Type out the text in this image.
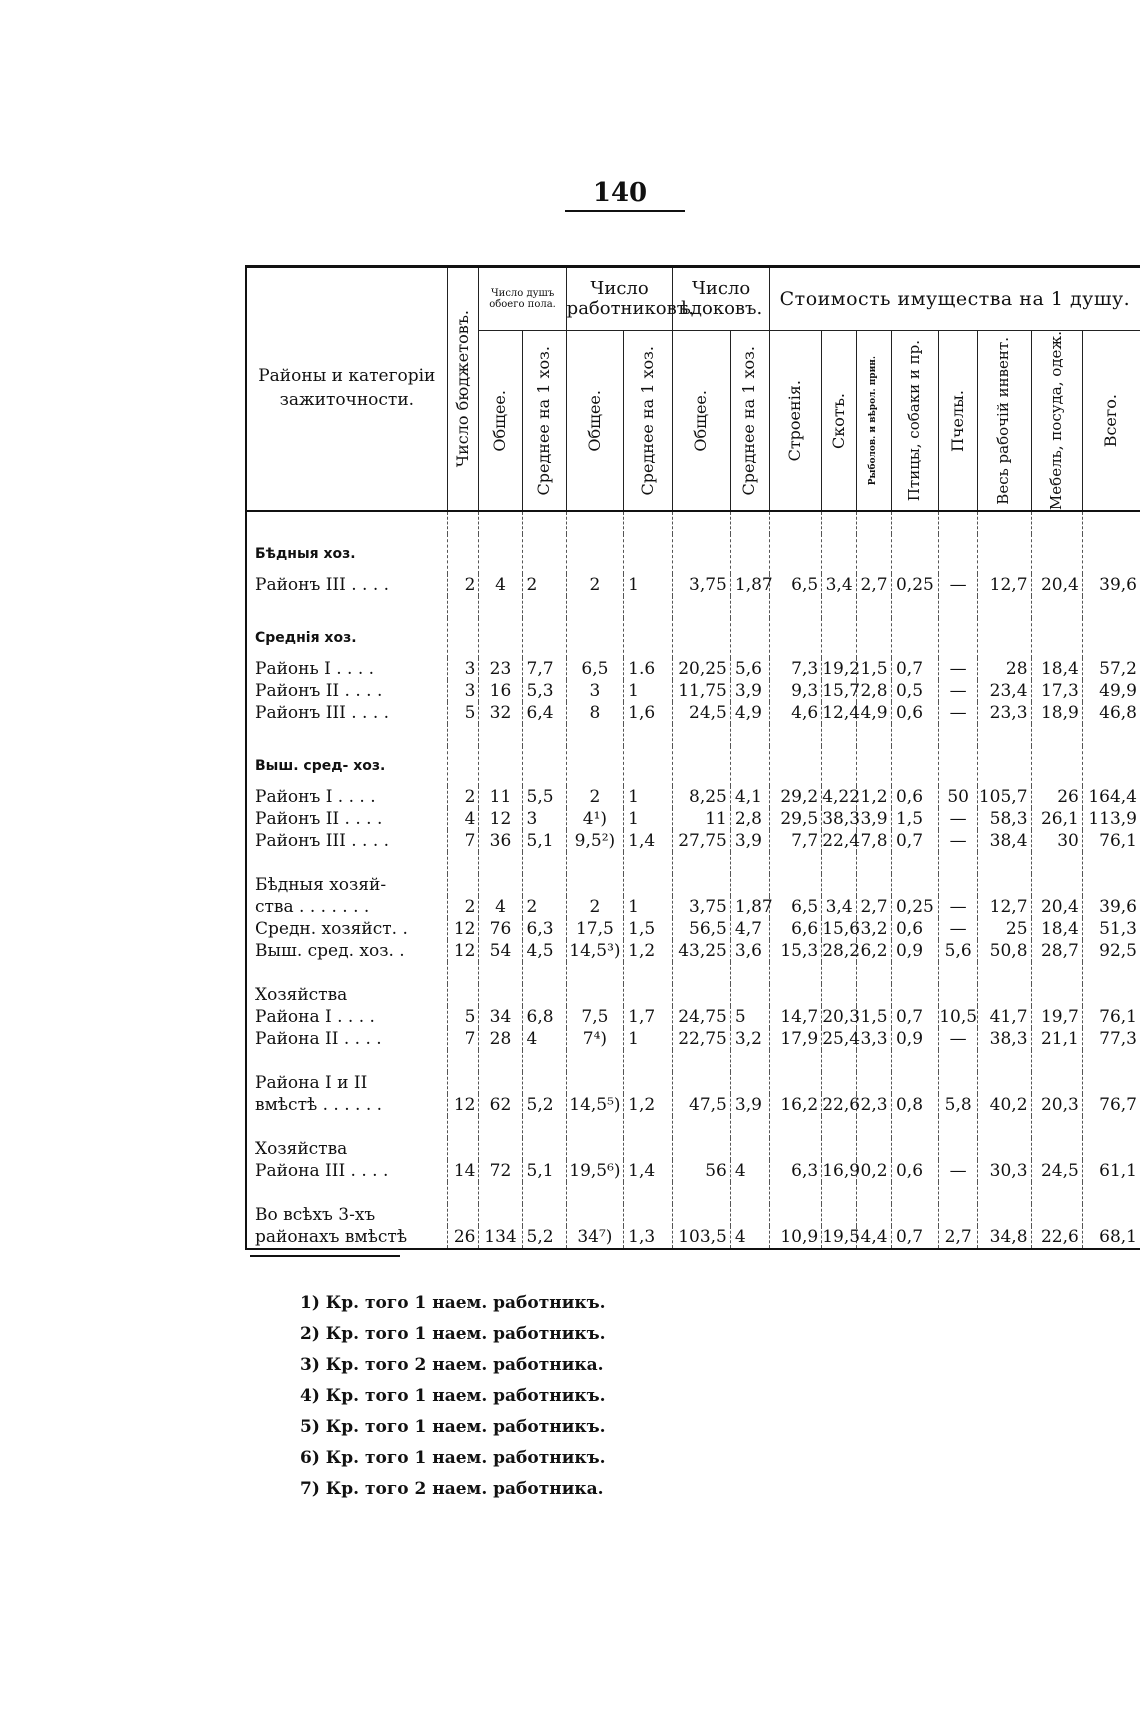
140
Районы и категоріи зажиточности.	Число бюджетовъ.	Число душъ обоего пола.		Число работниковъ.		Число ѣдоковъ.		Стоимость имущества на 1 душу.							

		Общее.	Среднее на 1 хоз.	Общее.	Среднее на 1 хоз.	Общее.	Среднее на 1 хоз.	Строенія.	Скотъ.	Рыболов. и вѣрол. прин.	Птицы, собаки и пр.	Пчелы.	Весь рабочій инвент.	Мебель, посуда, одеж.	Всего.

Бѣдныя хоз.															
Районъ III . . . .	2	4	2	2	1	3,75	1,87	6,5	3,4	2,7	0,25	—	12,7	20,4	39,6

Среднія хоз.															
Районь I . . . .	3	23	7,7	6,5	1.6	20,25	5,6	7,3	19,2	1,5	0,7	—	28	18,4	57,2
Районъ II . . . .	3	16	5,3	3	1	11,75	3,9	9,3	15,7	2,8	0,5	—	23,4	17,3	49,9
Районъ III . . . .	5	32	6,4	8	1,6	24,5	4,9	4,6	12,4	4,9	0,6	—	23,3	18,9	46,8

Выш. сред- хоз.															
Районъ I . . . .	2	11	5,5	2	1	8,25	4,1	29,2	4,22	1,2	0,6	50	105,7	26	164,4
Районъ II . . . .	4	12	3	4¹)	1	11	2,8	29,5	38,3	3,9	1,5	—	58,3	26,1	113,9
Районъ III . . . .	7	36	5,1	9,5²)	1,4	27,75	3,9	7,7	22,4	7,8	0,7	—	38,4	30	76,1

Бѣдныя хозяй-															
ства . . . . . . .	2	4	2	2	1	3,75	1,87	6,5	3,4	2,7	0,25	—	12,7	20,4	39,6
Средн. хозяйст. .	12	76	6,3	17,5	1,5	56,5	4,7	6,6	15,6	3,2	0,6	—	25	18,4	51,3
Выш. сред. хоз. .	12	54	4,5	14,5³)	1,2	43,25	3,6	15,3	28,2	6,2	0,9	5,6	50,8	28,7	92,5

Хозяйства															
Района I . . . .	5	34	6,8	7,5	1,7	24,75	5	14,7	20,3	1,5	0,7	10,5	41,7	19,7	76,1
Района II . . . .	7	28	4	7⁴)	1	22,75	3,2	17,9	25,4	3,3	0,9	—	38,3	21,1	77,3

Района I и II															
вмѣстѣ . . . . . .	12	62	5,2	14,5⁵)	1,2	47,5	3,9	16,2	22,6	2,3	0,8	5,8	40,2	20,3	76,7

Хозяйства															
Района III . . . .	14	72	5,1	19,5⁶)	1,4	56	4	6,3	16,9	0,2	0,6	—	30,3	24,5	61,1

Во всѣхъ 3-хъ															
районахъ вмѣстѣ	26	134	5,2	34⁷)	1,3	103,5	4	10,9	19,5	4,4	0,7	2,7	34,8	22,6	68,1
1) Кр. того 1 наем. работникъ.
2) Кр. того 1 наем. работникъ.
3) Кр. того 2 наем. работника.
4) Кр. того 1 наем. работникъ.
5) Кр. того 1 наем. работникъ.
6) Кр. того 1 наем. работникъ.
7) Кр. того 2 наем. работника.
